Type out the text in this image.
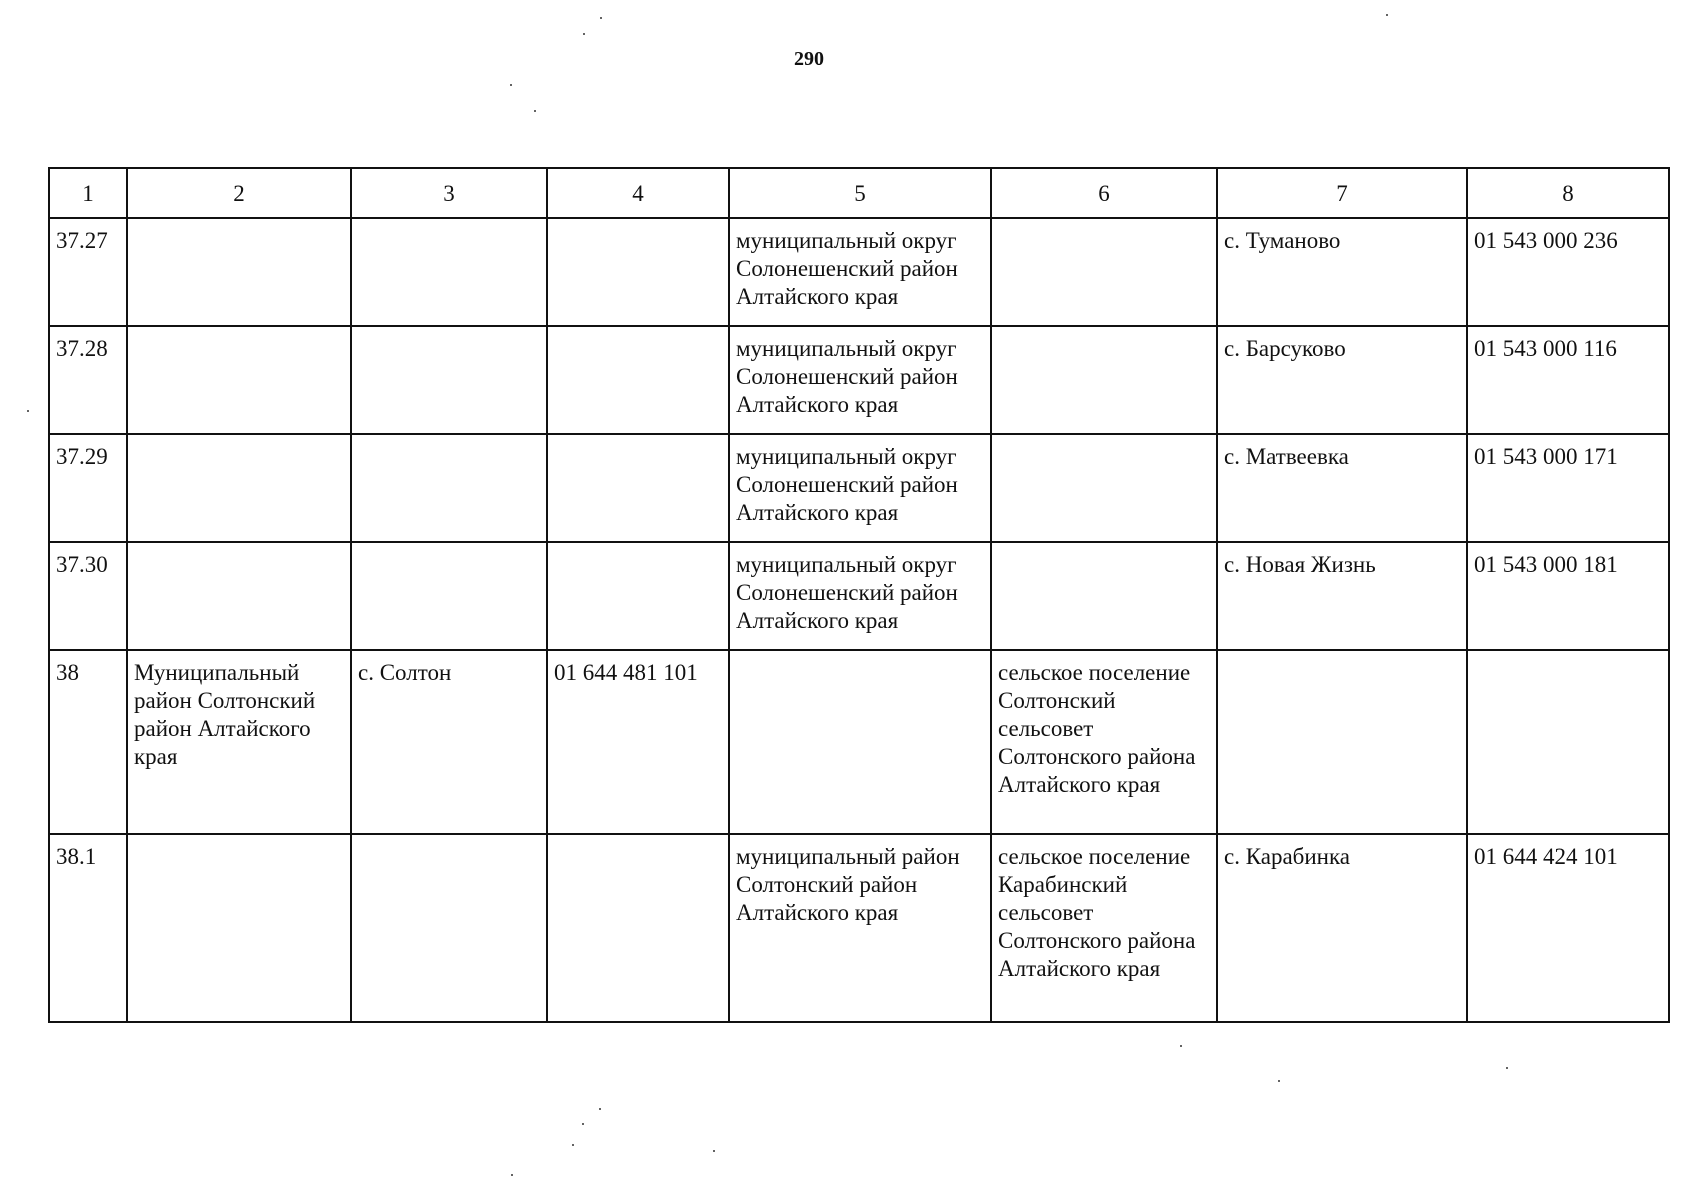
290
1	2	3	4	5	6	7	8
37.27				муниципальный округ Солонешенский район Алтайского края		с. Туманово	01 543 000 236
37.28				муниципальный округ Солонешенский район Алтайского края		с. Барсуково	01 543 000 116
37.29				муниципальный округ Солонешенский район Алтайского края		с. Матвеевка	01 543 000 171
37.30				муниципальный округ Солонешенский район Алтайского края		с. Новая Жизнь	01 543 000 181
38	Муниципальный район Солтонский район Алтайского края	с. Солтон	01 644 481 101		сельское поселение Солтонский сельсовет Солтонского района Алтайского края		
38.1				муниципальный район Солтонский район Алтайского края	сельское поселение Карабинский сельсовет Солтонского района Алтайского края	с. Карабинка	01 644 424 101
